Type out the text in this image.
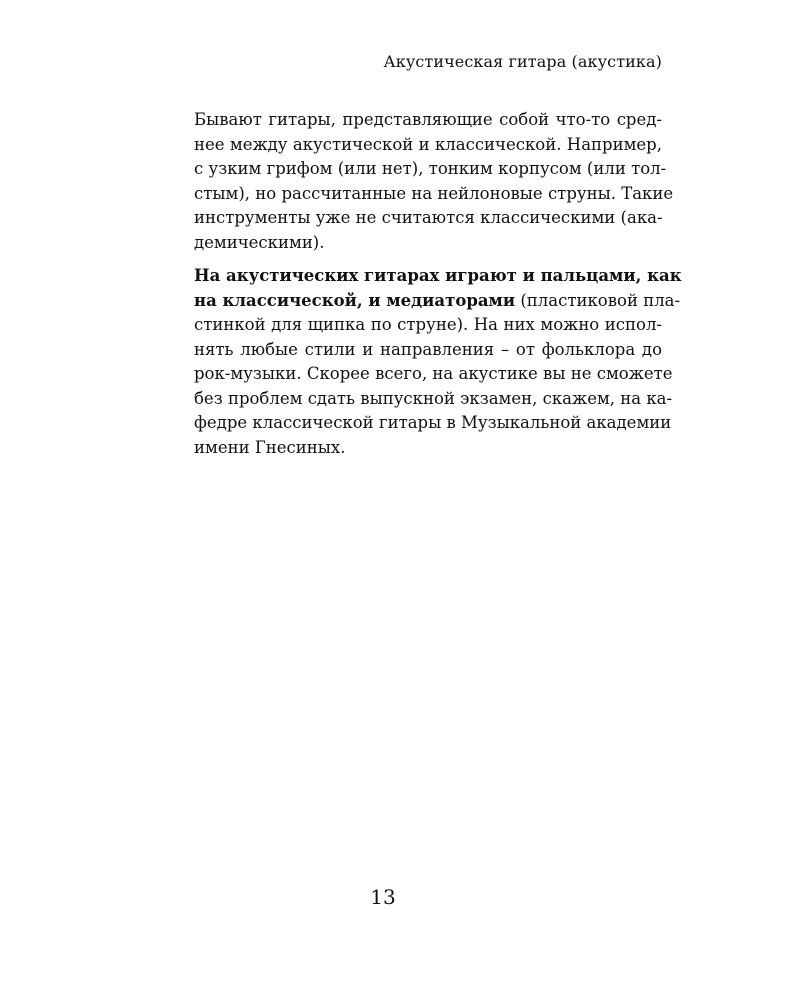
Акустическая гитара (акустика)
Бывают гитары, представляющие собой что-то сред-
нее между акустической и классической. Например,
с узким грифом (или нет), тонким корпусом (или тол-
стым), но рассчитанные на нейлоновые струны. Такие
инструменты уже не считаются классическими (ака-
демическими).
На акустических гитарах играют и пальцами, как
на классической, и медиаторами (пластиковой пла-
стинкой для щипка по струне). На них можно испол-
нять любые стили и направления – от фольклора до
рок-музыки. Скорее всего, на акустике вы не сможете
без проблем сдать выпускной экзамен, скажем, на ка-
федре классической гитары в Музыкальной академии
имени Гнесиных.
13
